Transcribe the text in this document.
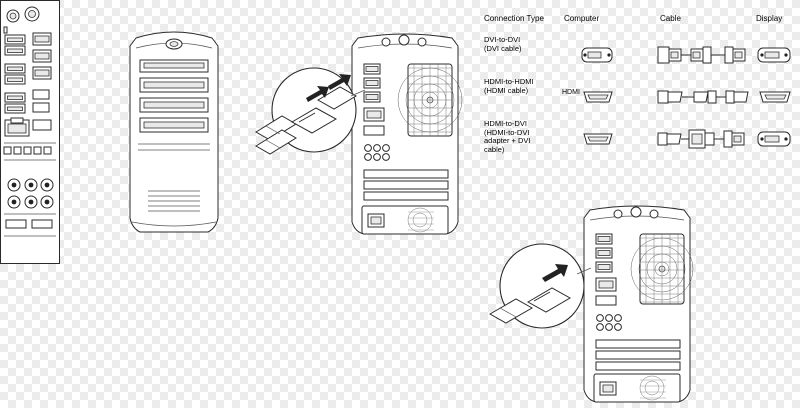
Connection Type	Computer	Cable	Display
DVI-to-DVI
(DVI cable)
HDMI-to-HDMI
(HDMI cable)	HDMI
HDMI-to-DVI
(HDMI-to-DVI
adapter + DVI
cable)
